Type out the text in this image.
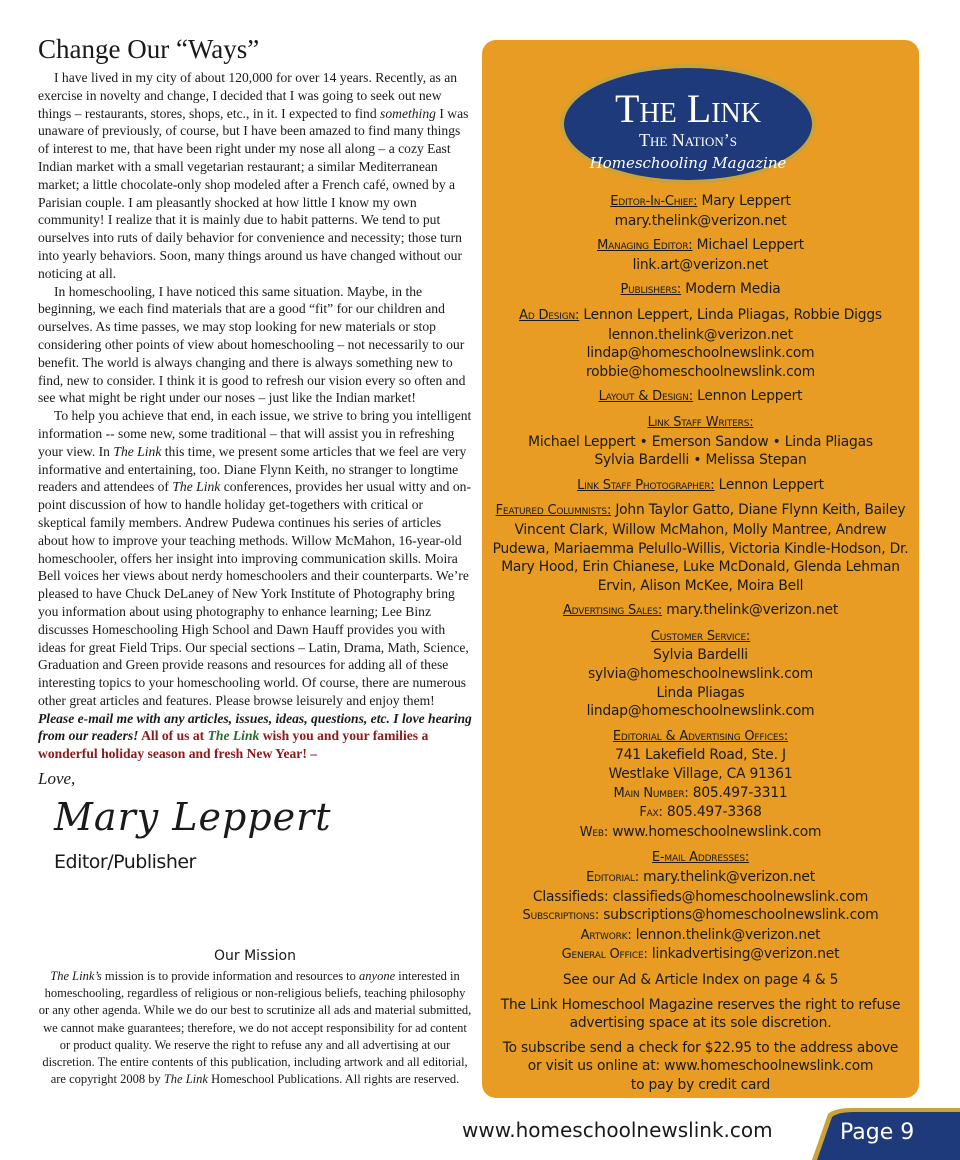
Change Our “Ways”

I have lived in my city of about 120,000 for over 14 years. Recently, as an exercise in novelty and change, I decided that I was going to seek out new things – restaurants, stores, shops, etc., in it. I expected to find something I was unaware of previously, of course, but I have been amazed to find many things of interest to me, that have been right under my nose all along – a cozy East Indian market with a small vegetarian restaurant; a similar Mediterranean market; a little chocolate-only shop modeled after a French café, owned by a Parisian couple. I am pleasantly shocked at how little I know my own community! I realize that it is mainly due to habit patterns. We tend to put ourselves into ruts of daily behavior for convenience and necessity; those turn into yearly behaviors. Soon, many things around us have changed without our noticing at all.

In homeschooling, I have noticed this same situation. Maybe, in the beginning, we each find materials that are a good “fit” for our children and ourselves. As time passes, we may stop looking for new materials or stop considering other points of view about homeschooling – not necessarily to our benefit. The world is always changing and there is always something new to find, new to consider. I think it is good to refresh our vision every so often and see what might be right under our noses – just like the Indian market!

To help you achieve that end, in each issue, we strive to bring you intelligent information -- some new, some traditional – that will assist you in refreshing your view. In The Link this time, we present some articles that we feel are very informative and entertaining, too. Diane Flynn Keith, no stranger to longtime readers and attendees of The Link conferences, provides her usual witty and on-point discussion of how to handle holiday get-togethers with critical or skeptical family members. Andrew Pudewa continues his series of articles about how to improve your teaching methods. Willow McMahon, 16-year-old homeschooler, offers her insight into improving communication skills. Moira Bell voices her views about nerdy homeschoolers and their counterparts. We’re pleased to have Chuck DeLaney of New York Institute of Photography bring you information about using photography to enhance learning; Lee Binz discusses Homeschooling High School and Dawn Hauff provides you with ideas for great Field Trips. Our special sections – Latin, Drama, Math, Science, Graduation and Green provide reasons and resources for adding all of these interesting topics to your homeschooling world. Of course, there are numerous other great articles and features. Please browse leisurely and enjoy them! Please e-mail me with any articles, issues, ideas, questions, etc. I love hearing from our readers! All of us at The Link wish you and your families a wonderful holiday season and fresh New Year! –

Love,
Mary Leppert
Editor/Publisher
Our Mission

The Link’s mission is to provide information and resources to anyone interested in homeschooling, regardless of religious or non-religious beliefs, teaching philosophy or any other agenda. While we do our best to scrutinize all ads and material submitted, we cannot make guarantees; therefore, we do not accept responsibility for ad content or product quality. We reserve the right to refuse any and all advertising at our discretion. The entire contents of this publication, including artwork and all editorial, are copyright 2008 by The Link Homeschool Publications. All rights are reserved.

The Link
The Nation’s
Homeschooling Magazine

Editor-In-Chief: Mary Leppert
mary.thelink@verizon.net

Managing Editor: Michael Leppert
link.art@verizon.net

Publishers: Modern Media

Ad Design: Lennon Leppert, Linda Pliagas, Robbie Diggs
lennon.thelink@verizon.net
lindap@homeschoolnewslink.com
robbie@homeschoolnewslink.com

Layout & Design: Lennon Leppert

Link Staff Writers:
Michael Leppert • Emerson Sandow • Linda Pliagas
Sylvia Bardelli • Melissa Stepan

Link Staff Photographer: Lennon Leppert

Featured Columnists: John Taylor Gatto, Diane Flynn Keith, Bailey Vincent Clark, Willow McMahon, Molly Mantree, Andrew Pudewa, Mariaemma Pelullo-Willis, Victoria Kindle-Hodson, Dr. Mary Hood, Erin Chianese, Luke McDonald, Glenda Lehman Ervin, Alison McKee, Moira Bell

Advertising Sales: mary.thelink@verizon.net

Customer Service:
Sylvia Bardelli
sylvia@homeschoolnewslink.com
Linda Pliagas
lindap@homeschoolnewslink.com

Editorial & Advertising Offices:
741 Lakefield Road, Ste. J
Westlake Village, CA 91361
Main Number: 805.497-3311
Fax: 805.497-3368
Web: www.homeschoolnewslink.com

E-mail Addresses:
Editorial: mary.thelink@verizon.net
Classifieds: classifieds@homeschoolnewslink.com
Subscriptions: subscriptions@homeschoolnewslink.com
Artwork: lennon.thelink@verizon.net
General Office: linkadvertising@verizon.net

See our Ad & Article Index on page 4 & 5

The Link Homeschool Magazine reserves the right to refuse advertising space at its sole discretion.

To subscribe send a check for $22.95 to the address above
or visit us online at: www.homeschoolnewslink.com
to pay by credit card

www.homeschoolnewslink.com	Page 9
